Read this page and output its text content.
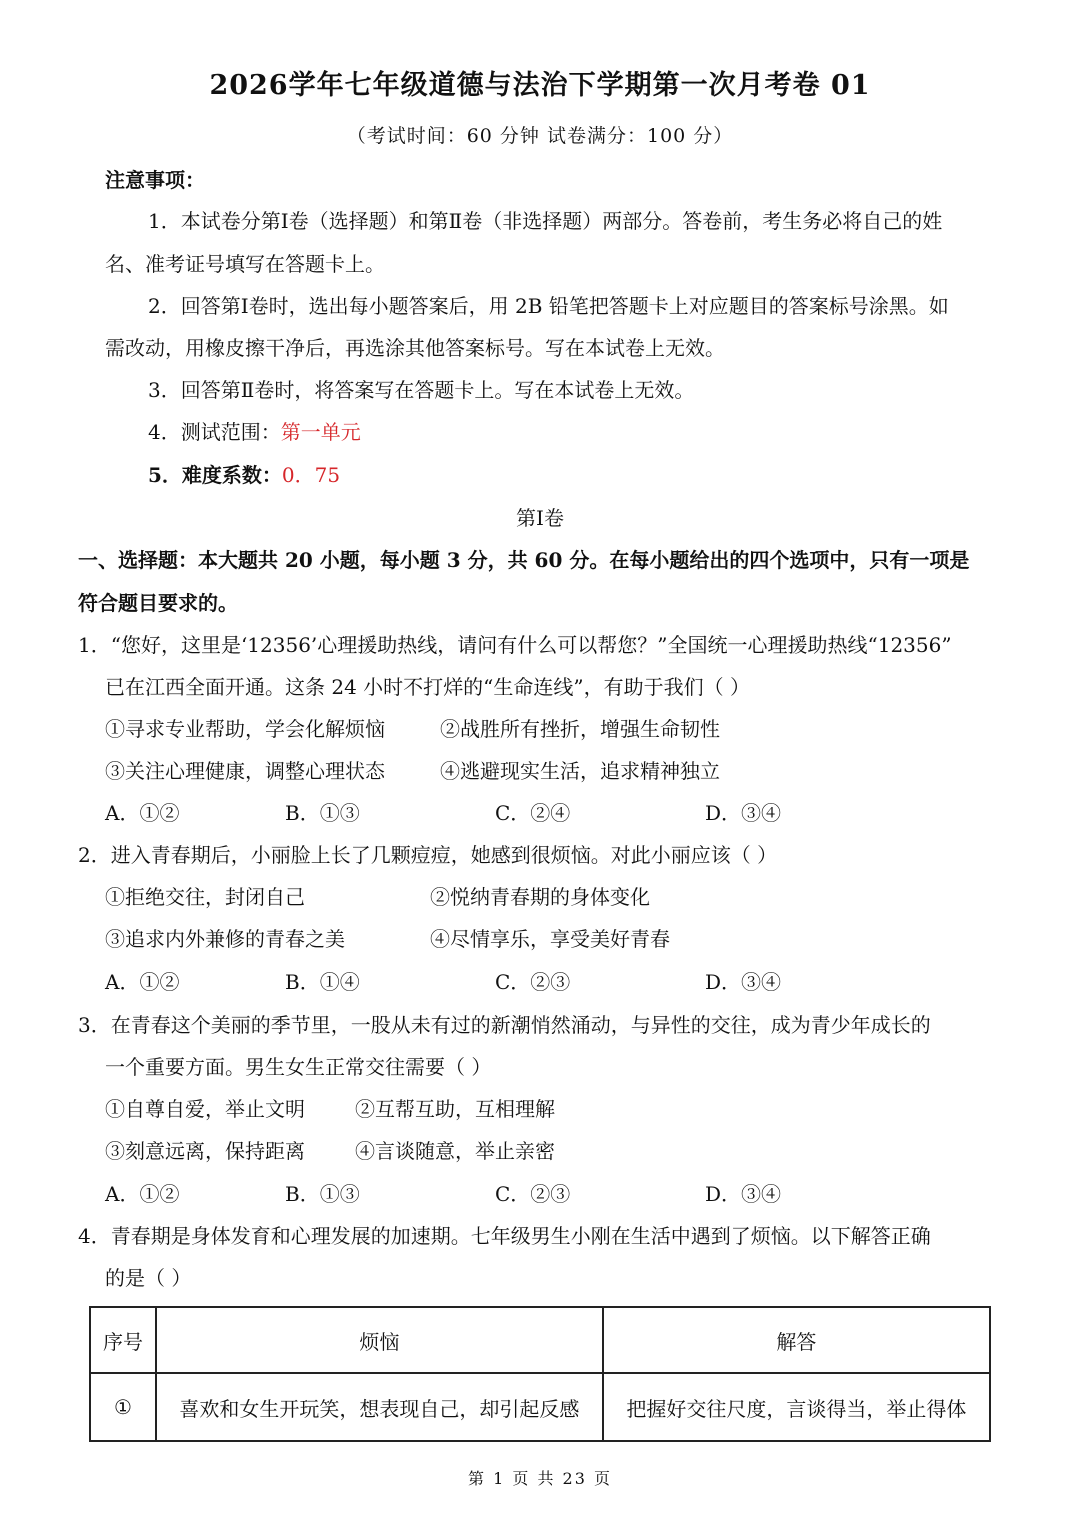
2026学年七年级道德与法治下学期第一次月考卷 01
（考试时间：60 分钟 试卷满分：100 分）
注意事项：
1．本试卷分第Ⅰ卷（选择题）和第Ⅱ卷（非选择题）两部分。答卷前，考生务必将自己的姓
名、准考证号填写在答题卡上。
2．回答第Ⅰ卷时，选出每小题答案后，用 2B 铅笔把答题卡上对应题目的答案标号涂黑。如
需改动，用橡皮擦干净后，再选涂其他答案标号。写在本试卷上无效。
3．回答第Ⅱ卷时，将答案写在答题卡上。写在本试卷上无效。
4．测试范围：第一单元
5．难度系数：0．75
第Ⅰ卷
一、选择题：本大题共 20 小题，每小题 3 分，共 60 分。在每小题给出的四个选项中，只有一项是
符合题目要求的。
1．“您好，这里是‘12356’心理援助热线，请问有什么可以帮您？”全国统一心理援助热线“12356”
已在江西全面开通。这条 24 小时不打烊的“生命连线”，有助于我们（ ）
①寻求专业帮助，学会化解烦恼	②战胜所有挫折，增强生命韧性
③关注心理健康，调整心理状态	④逃避现实生活，追求精神独立
A．①②	B．①③	C．②④	D．③④
2．进入青春期后，小丽脸上长了几颗痘痘，她感到很烦恼。对此小丽应该（ ）
①拒绝交往，封闭自己	②悦纳青春期的身体变化
③追求内外兼修的青春之美	④尽情享乐，享受美好青春
A．①②	B．①④	C．②③	D．③④
3．在青春这个美丽的季节里，一股从未有过的新潮悄然涌动，与异性的交往，成为青少年成长的
一个重要方面。男生女生正常交往需要（ ）
①自尊自爱，举止文明	②互帮互助，互相理解
③刻意远离，保持距离	④言谈随意，举止亲密
A．①②	B．①③	C．②③	D．③④
4．青春期是身体发育和心理发展的加速期。七年级男生小刚在生活中遇到了烦恼。以下解答正确
的是（ ）
序号	烦恼	解答
①	喜欢和女生开玩笑，想表现自己，却引起反感	把握好交往尺度，言谈得当，举止得体
第 1 页 共 23 页
